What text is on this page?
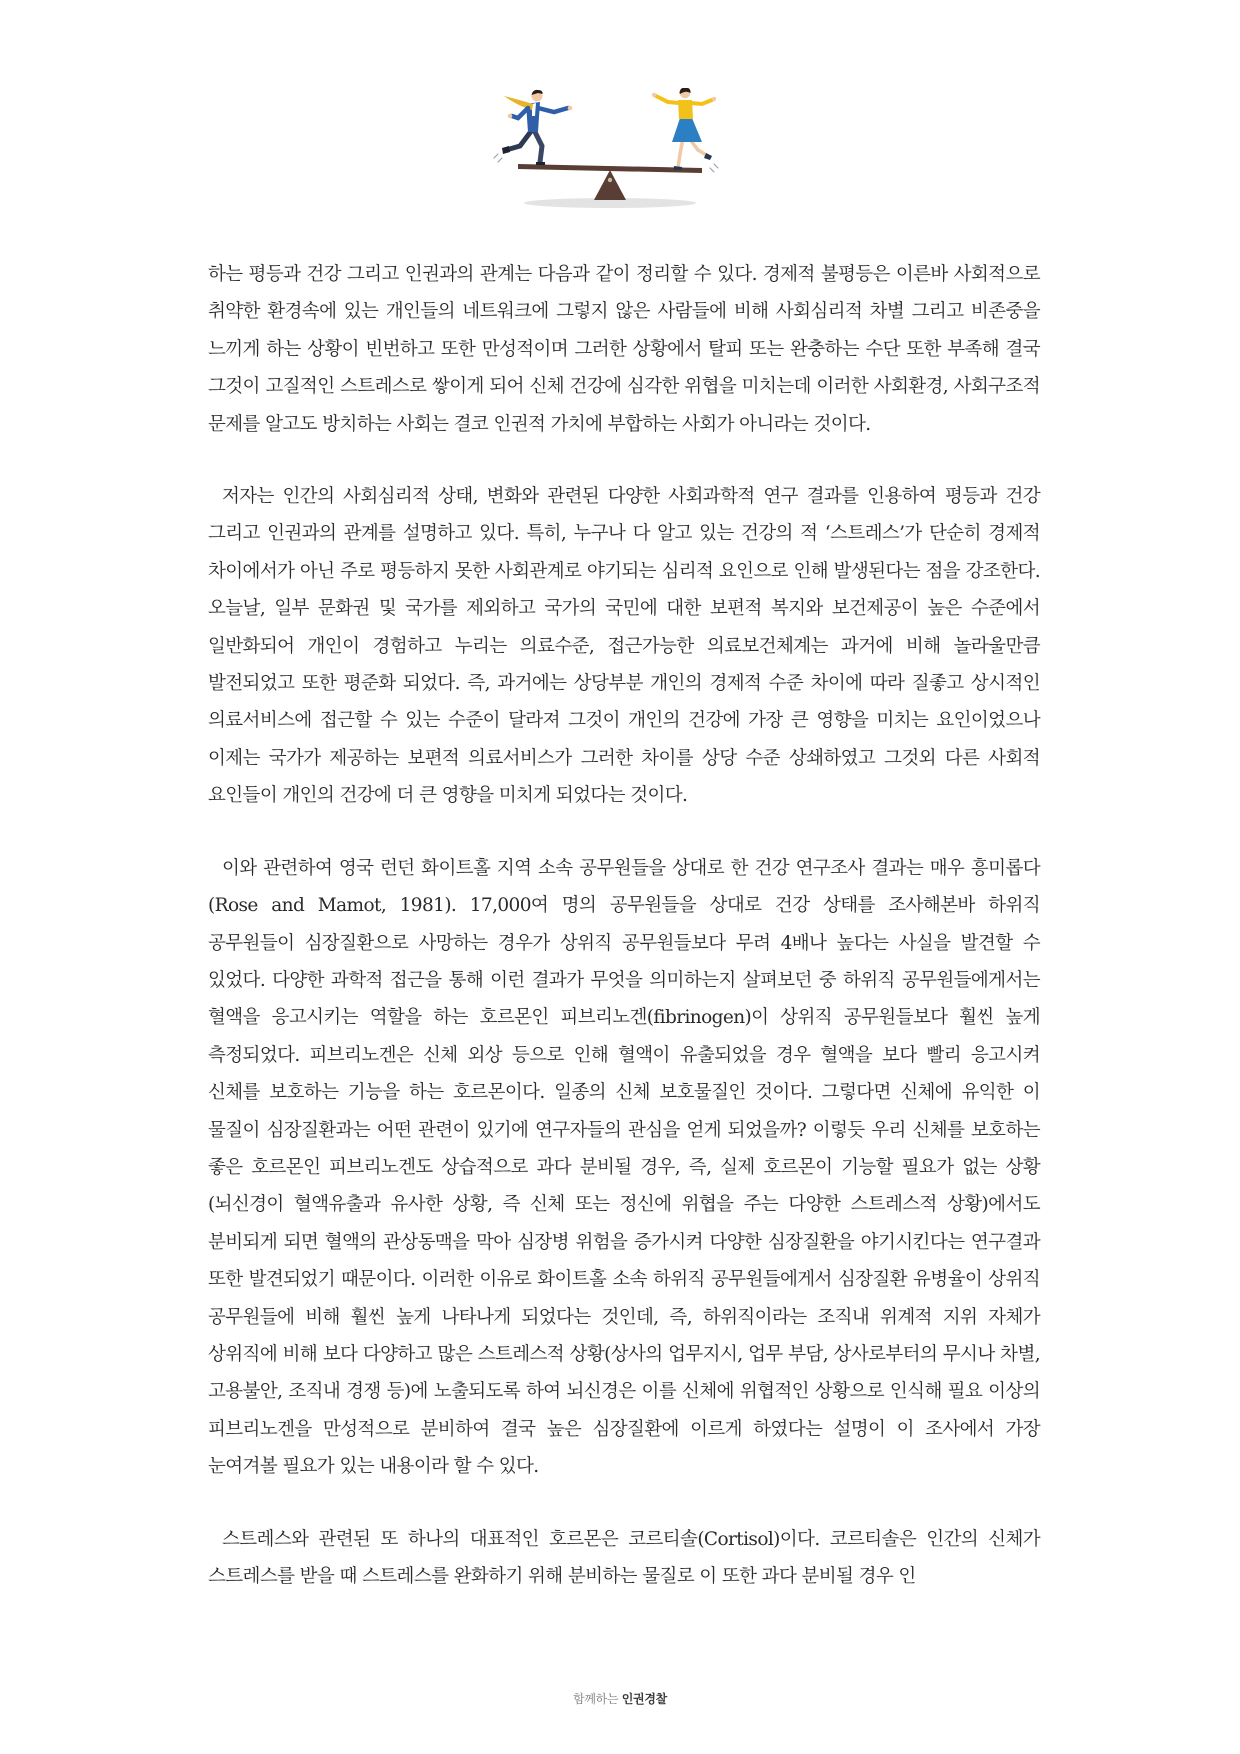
하는 평등과 건강 그리고 인권과의 관계는 다음과 같이 정리할 수 있다. 경제적 불평등은 이른바 사회적으로 취약한 환경속에 있는 개인들의 네트워크에 그렇지 않은 사람들에 비해 사회심리적 차별 그리고 비존중을 느끼게 하는 상황이 빈번하고 또한 만성적이며 그러한 상황에서 탈피 또는 완충하는 수단 또한 부족해 결국 그것이 고질적인 스트레스로 쌓이게 되어 신체 건강에 심각한 위협을 미치는데 이러한 사회환경, 사회구조적 문제를 알고도 방치하는 사회는 결코 인권적 가치에 부합하는 사회가 아니라는 것이다.

저자는 인간의 사회심리적 상태, 변화와 관련된 다양한 사회과학적 연구 결과를 인용하여 평등과 건강 그리고 인권과의 관계를 설명하고 있다. 특히, 누구나 다 알고 있는 건강의 적 ‘스트레스’가 단순히 경제적 차이에서가 아닌 주로 평등하지 못한 사회관계로 야기되는 심리적 요인으로 인해 발생된다는 점을 강조한다. 오늘날, 일부 문화권 및 국가를 제외하고 국가의 국민에 대한 보편적 복지와 보건제공이 높은 수준에서 일반화되어 개인이 경험하고 누리는 의료수준, 접근가능한 의료보건체계는 과거에 비해 놀라울만큼 발전되었고 또한 평준화 되었다. 즉, 과거에는 상당부분 개인의 경제적 수준 차이에 따라 질좋고 상시적인 의료서비스에 접근할 수 있는 수준이 달라져 그것이 개인의 건강에 가장 큰 영향을 미치는 요인이었으나 이제는 국가가 제공하는 보편적 의료서비스가 그러한 차이를 상당 수준 상쇄하였고 그것외 다른 사회적 요인들이 개인의 건강에 더 큰 영향을 미치게 되었다는 것이다.

이와 관련하여 영국 런던 화이트홀 지역 소속 공무원들을 상대로 한 건강 연구조사 결과는 매우 흥미롭다(Rose and Mamot, 1981). 17,000여 명의 공무원들을 상대로 건강 상태를 조사해본바 하위직 공무원들이 심장질환으로 사망하는 경우가 상위직 공무원들보다 무려 4배나 높다는 사실을 발견할 수 있었다. 다양한 과학적 접근을 통해 이런 결과가 무엇을 의미하는지 살펴보던 중 하위직 공무원들에게서는 혈액을 응고시키는 역할을 하는 호르몬인 피브리노겐(fibrinogen)이 상위직 공무원들보다 훨씬 높게 측정되었다. 피브리노겐은 신체 외상 등으로 인해 혈액이 유출되었을 경우 혈액을 보다 빨리 응고시켜 신체를 보호하는 기능을 하는 호르몬이다. 일종의 신체 보호물질인 것이다. 그렇다면 신체에 유익한 이 물질이 심장질환과는 어떤 관련이 있기에 연구자들의 관심을 얻게 되었을까? 이렇듯 우리 신체를 보호하는 좋은 호르몬인 피브리노겐도 상습적으로 과다 분비될 경우, 즉, 실제 호르몬이 기능할 필요가 없는 상황(뇌신경이 혈액유출과 유사한 상황, 즉 신체 또는 정신에 위협을 주는 다양한 스트레스적 상황)에서도 분비되게 되면 혈액의 관상동맥을 막아 심장병 위험을 증가시켜 다양한 심장질환을 야기시킨다는 연구결과 또한 발견되었기 때문이다. 이러한 이유로 화이트홀 소속 하위직 공무원들에게서 심장질환 유병율이 상위직 공무원들에 비해 훨씬 높게 나타나게 되었다는 것인데, 즉, 하위직이라는 조직내 위계적 지위 자체가 상위직에 비해 보다 다양하고 많은 스트레스적 상황(상사의 업무지시, 업무 부담, 상사로부터의 무시나 차별, 고용불안, 조직내 경쟁 등)에 노출되도록 하여 뇌신경은 이를 신체에 위협적인 상황으로 인식해 필요 이상의 피브리노겐을 만성적으로 분비하여 결국 높은 심장질환에 이르게 하였다는 설명이 이 조사에서 가장 눈여겨볼 필요가 있는 내용이라 할 수 있다.

스트레스와 관련된 또 하나의 대표적인 호르몬은 코르티솔(Cortisol)이다. 코르티솔은 인간의 신체가 스트레스를 받을 때 스트레스를 완화하기 위해 분비하는 물질로 이 또한 과다 분비될 경우 인

함께하는 인권경찰
